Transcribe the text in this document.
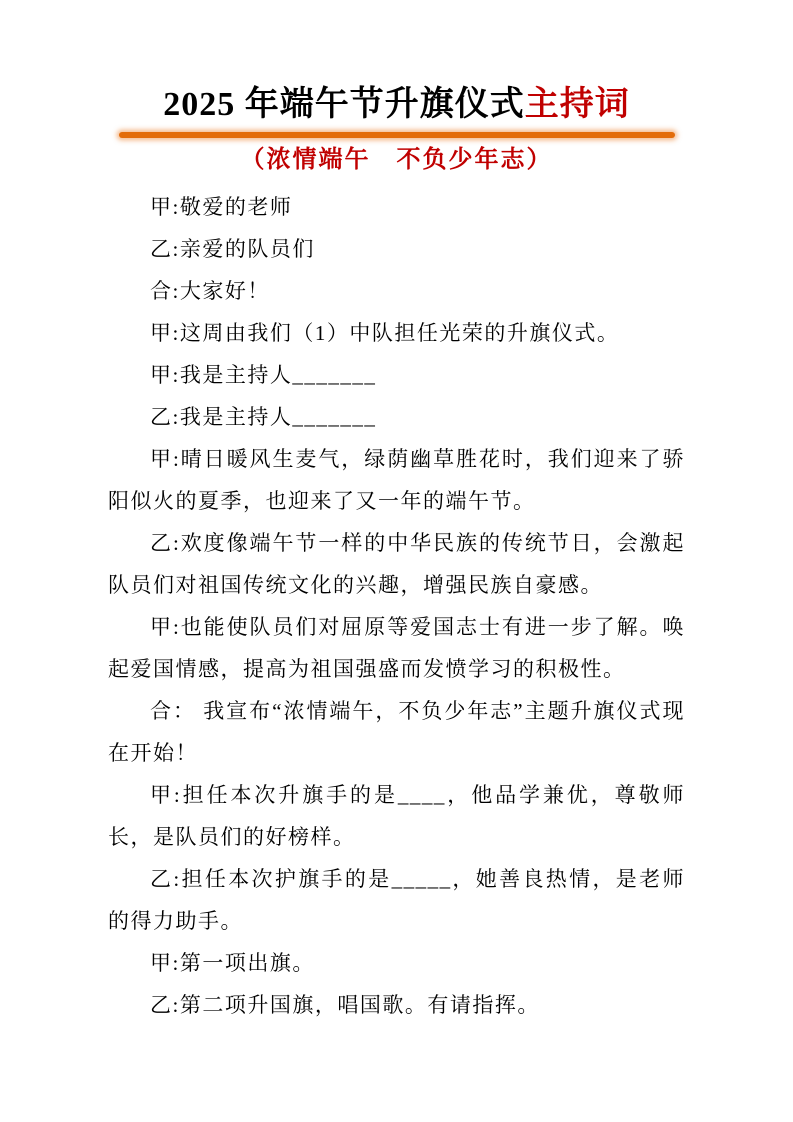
2025 年端午节升旗仪式主持词
（浓情端午　不负少年志）

甲:敬爱的老师

乙:亲爱的队员们

合:大家好！

甲:这周由我们（1）中队担任光荣的升旗仪式。

甲:我是主持人_______

乙:我是主持人_______

甲:晴日暖风生麦气，绿荫幽草胜花时，我们迎来了骄阳似火的夏季，也迎来了又一年的端午节。

乙:欢度像端午节一样的中华民族的传统节日，会激起队员们对祖国传统文化的兴趣，增强民族自豪感。

甲:也能使队员们对屈原等爱国志士有进一步了解。唤起爱国情感，提高为祖国强盛而发愤学习的积极性。

合： 我宣布“浓情端午，不负少年志”主题升旗仪式现在开始！

甲:担任本次升旗手的是____，他品学兼优，尊敬师长，是队员们的好榜样。

乙:担任本次护旗手的是_____，她善良热情，是老师的得力助手。

甲:第一项出旗。

乙:第二项升国旗，唱国歌。有请指挥。
